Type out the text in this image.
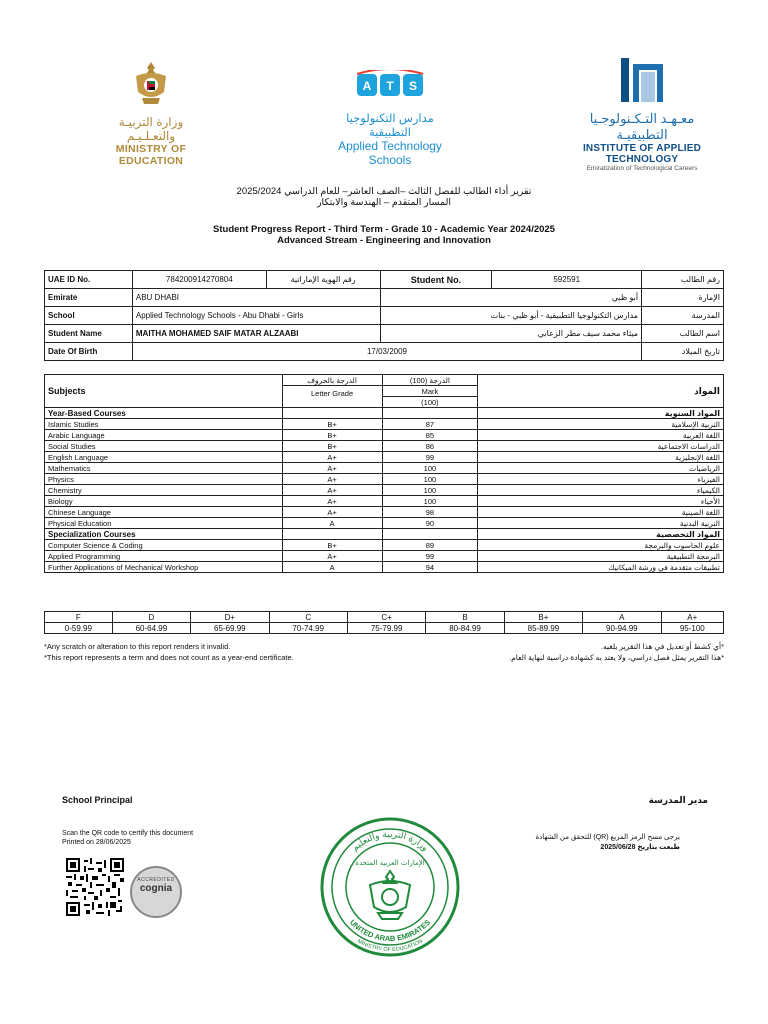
وزارة التربيـة والتعـلـيـم
MINISTRY OF EDUCATION
A T S
مدارس التكنولوجيا التطبيقية
Applied Technology Schools
معـهـد التـكـنولوجـيا التطبيقيـة
INSTITUTE OF APPLIED TECHNOLOGY
Emiratization of Technological Careers
تقرير أداء الطالب للفصل الثالث –الصف العاشر– للعام الدراسي 2025/2024
المسار المتقدم – الهندسة والابتكار
Student Progress Report - Third Term - Grade 10 - Academic Year 2024/2025
Advanced Stream - Engineering and Innovation
UAE ID No.	784200914270804	رقم الهوية الإماراتية	Student No.	592591	رقم الطالب
Emirate	ABU DHABI		أبو ظبي		الإمارة
School	Applied Technology Schools - Abu Dhabi - Girls		مدارس التكنولوجيا التطبيقية - أبو ظبي - بنات		المدرسة
Student Name	MAITHA MOHAMED SAIF MATAR ALZAABI		ميثاء محمد سيف مطر الزعابي		اسم الطالب
Date Of Birth	17/03/2009				تاريخ الميلاد
Subjects	الدرجة بالحروف	الدرجة (100)	المواد
	Letter Grade	Mark	
		(100)	
Year-Based Courses			المواد السنوية
Islamic Studies	B+	87	التربية الإسلامية
Arabic Language	B+	85	اللغة العربية
Social Studies	B+	86	الدراسات الاجتماعية
English Language	A+	99	اللغة الإنجليزية
Mathematics	A+	100	الرياضيات
Physics	A+	100	الفيزياء
Chemistry	A+	100	الكيمياء
Biology	A+	100	الأحياء
Chinese Language	A+	98	اللغة الصينية
Physical Education	A	90	التربية البدنية
Specialization Courses			المواد التخصصية
Computer Science & Coding	B+	89	علوم الحاسوب والبرمجة
Applied Programming	A+	99	البرمجة التطبيقية
Further Applications of Mechanical Workshop	A	94	تطبيقات متقدمة في ورشة الميكانيك
F	D	D+	C	C+	B	B+	A	A+
0-59.99	60-64.99	65-69.99	70-74.99	75-79.99	80-84.99	85-89.99	90-94.99	95-100
*Any scratch or alteration to this report renders it invalid.	*أي كشط أو تعديل في هذا التقرير يلغيه.
*This report represents a term and does not count as a year-end certificate.	*هذا التقرير يمثل فصل دراسي، ولا يعتد به كشهادة دراسية لنهاية العام.
School Principal	مدير المدرسة
Scan the QR code to certify this document
Printed on 28/06/2025
يرجى مسح الرمز المربع (QR) للتحقق من الشهادة
طبعت بتاريخ 2025/06/28
ACCREDITED
cognia
وزارة التربية والتعليم
UNITED ARAB EMIRATES
MINISTRY OF EDUCATION
الإمارات العربية المتحدة
